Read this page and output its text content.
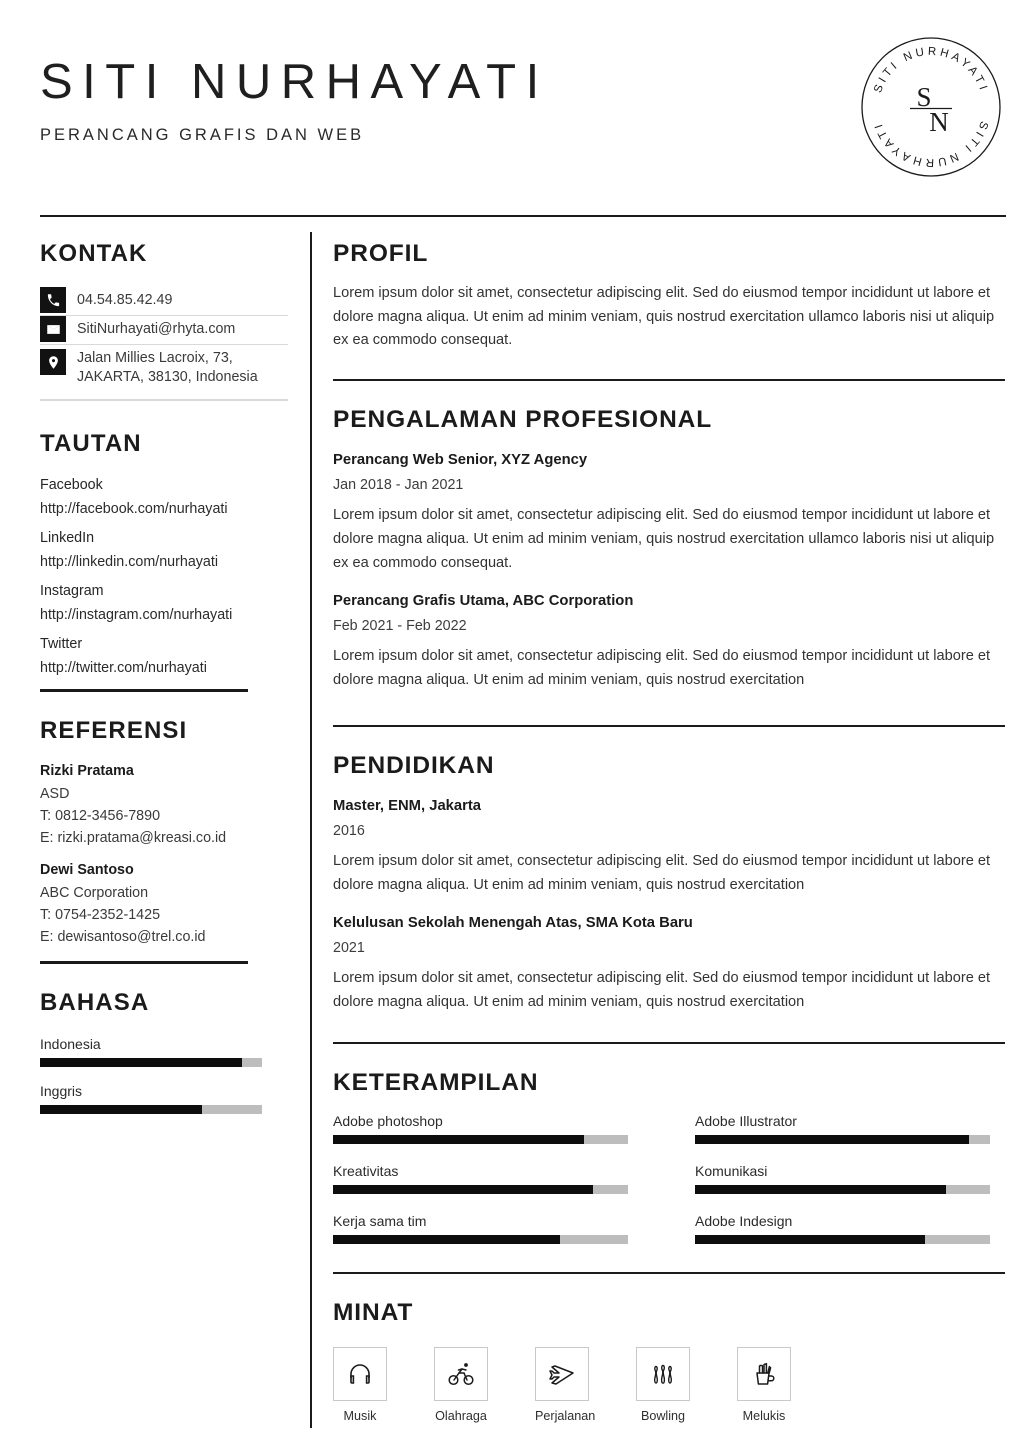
SITI NURHAYATI
PERANCANG GRAFIS DAN WEB
SITI NURHAYATI
SITI NURHAYATI
S
N
KONTAK
04.54.85.42.49
SitiNurhayati@rhyta.com
Jalan Millies Lacroix, 73,
JAKARTA, 38130, Indonesia
TAUTAN
Facebook
http://facebook.com/nurhayati
LinkedIn
http://linkedin.com/nurhayati
Instagram
http://instagram.com/nurhayati
Twitter
http://twitter.com/nurhayati
REFERENSI
Rizki Pratama
ASD
T: 0812-3456-7890
E: rizki.pratama@kreasi.co.id
Dewi Santoso
ABC Corporation
T: 0754-2352-1425
E: dewisantoso@trel.co.id
BAHASA
Indonesia
Inggris
PROFIL

Lorem ipsum dolor sit amet, consectetur adipiscing elit. Sed do eiusmod tempor incididunt ut labore et dolore magna aliqua. Ut enim ad minim veniam, quis nostrud exercitation ullamco laboris nisi ut aliquip ex ea commodo consequat.

PENGALAMAN PROFESIONAL
Perancang Web Senior, XYZ Agency
Jan 2018 - Jan 2021
Lorem ipsum dolor sit amet, consectetur adipiscing elit. Sed do eiusmod tempor incididunt ut labore et dolore magna aliqua. Ut enim ad minim veniam, quis nostrud exercitation ullamco laboris nisi ut aliquip ex ea commodo consequat.
Perancang Grafis Utama, ABC Corporation
Feb 2021 - Feb 2022
Lorem ipsum dolor sit amet, consectetur adipiscing elit. Sed do eiusmod tempor incididunt ut labore et dolore magna aliqua. Ut enim ad minim veniam, quis nostrud exercitation
PENDIDIKAN
Master, ENM, Jakarta
2016
Lorem ipsum dolor sit amet, consectetur adipiscing elit. Sed do eiusmod tempor incididunt ut labore et dolore magna aliqua. Ut enim ad minim veniam, quis nostrud exercitation
Kelulusan Sekolah Menengah Atas, SMA Kota Baru
2021
Lorem ipsum dolor sit amet, consectetur adipiscing elit. Sed do eiusmod tempor incididunt ut labore et dolore magna aliqua. Ut enim ad minim veniam, quis nostrud exercitation
KETERAMPILAN
Adobe photoshop	Adobe Illustrator
Kreativitas	Komunikasi
Kerja sama tim	Adobe Indesign
MINAT
Musik	Olahraga	Perjalanan	Bowling	Melukis
